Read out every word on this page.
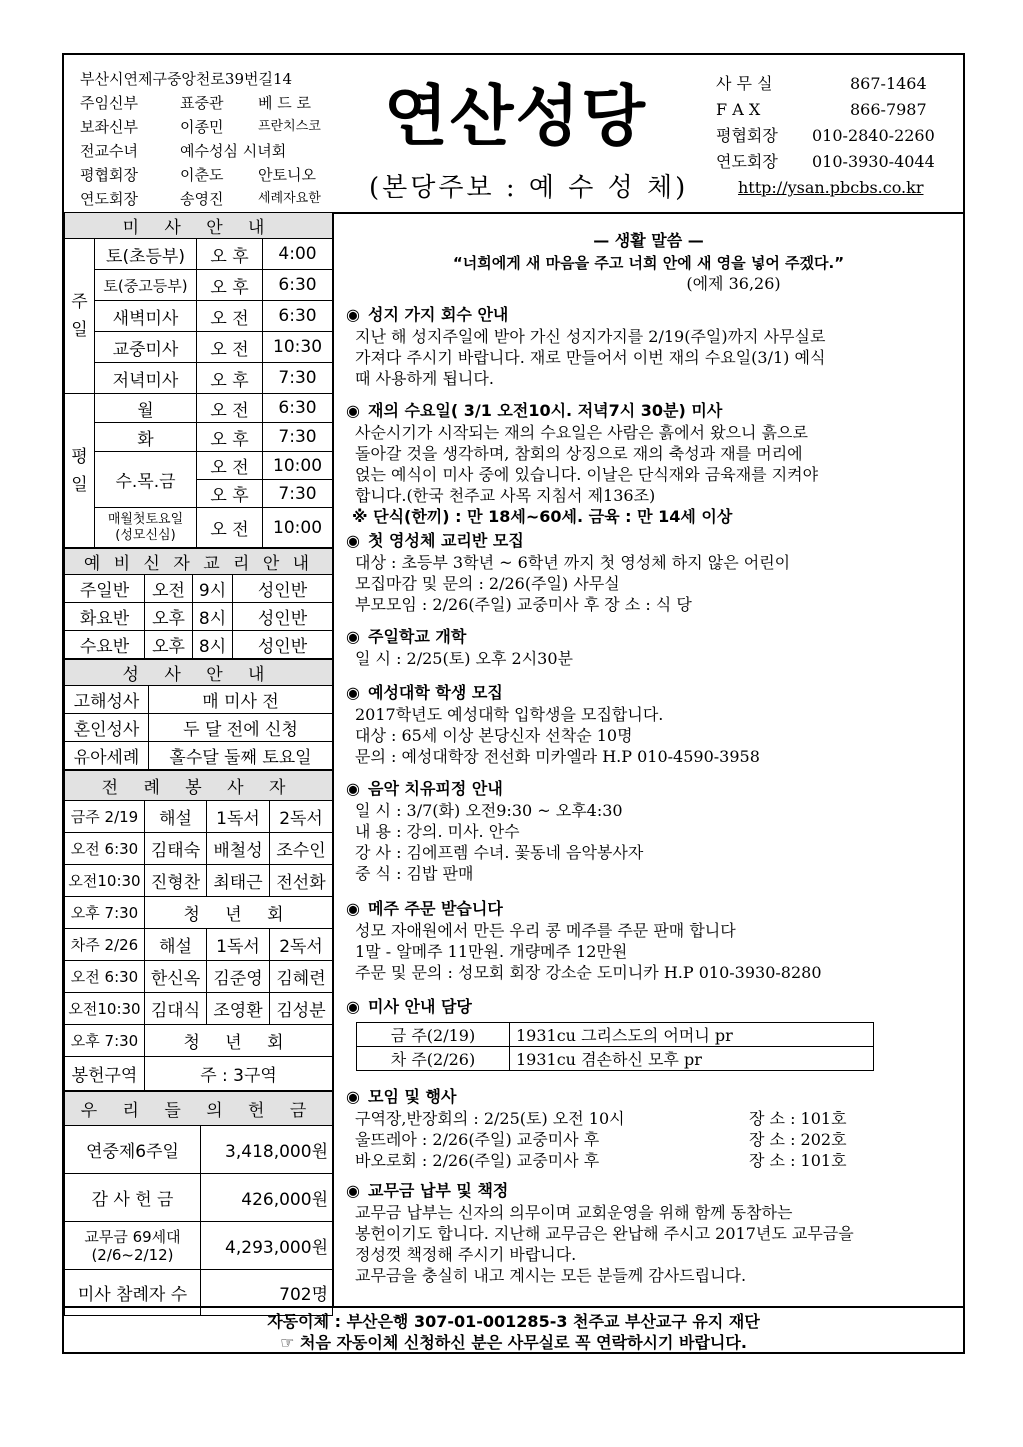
부산시연제구중앙천로39번길14
주임신부	표중관	베 드 로
보좌신부	이종민	프란치스코
전교수녀	예수성심 시녀회
평협회장	이춘도	안토니오
연도회장	송영진	세례자요한
연산성당
(본당주보 : 예 수 성 체)
사 무 실	867-1464
F A X	866-7987
평협회장	010-2840-2260
연도회장	010-3930-4044
http://ysan.pbcbs.co.kr
미 사 안 내			
주일	토(초등부)	오 후	4:00
	토(중고등부)	오 후	6:30
	새벽미사	오 전	6:30
	교중미사	오 전	10:30
	저녁미사	오 후	7:30
평일	월	오 전	6:30
	화	오 후	7:30
	수.목.금	오 전	10:00
		오 후	7:30
	매월첫토요일
(성모신심)	오 전	10:00
예 비 신 자 교 리 안 내			
주일반	오전	9시	성인반
화요반	오후	8시	성인반
수요반	오후	8시	성인반
성 사 안 내	
고해성사	매 미사 전
혼인성사	두 달 전에 신청
유아세례	홀수달 둘째 토요일
전 례 봉 사 자			
금주 2/19	해설	1독서	2독서
오전 6:30	김태숙	배철성	조수인
오전10:30	진형찬	최태근	전선화
오후 7:30	청 년 회		
차주 2/26	해설	1독서	2독서
오전 6:30	한신옥	김준영	김혜련
오전10:30	김대식	조영환	김성분
오후 7:30	청 년 회		
봉헌구역	주 : 3구역		
우 리 들 의 헌 금	
연중제6주일	3,418,000원
감 사 헌 금	426,000원
교무금 69세대
(2/6~2/12)	4,293,000원
미사 참례자 수	702명
— 생활 말씀 —
“너희에게 새 마음을 주고 너희 안에 새 영을 넣어 주겠다.”
(에제 36,26)
◉ 성지 가지 회수 안내
지난 해 성지주일에 받아 가신 성지가지를 2/19(주일)까지 사무실로
가져다 주시기 바랍니다. 재로 만들어서 이번 재의 수요일(3/1) 예식
때 사용하게 됩니다.
◉ 재의 수요일( 3/1 오전10시. 저녁7시 30분) 미사
사순시기가 시작되는 재의 수요일은 사람은 흙에서 왔으니 흙으로
돌아갈 것을 생각하며, 참회의 상징으로 재의 축성과 재를 머리에
얹는 예식이 미사 중에 있습니다. 이날은 단식재와 금육재를 지켜야
합니다.(한국 천주교 사목 지침서 제136조)
※ 단식(한끼) : 만 18세~60세. 금육 : 만 14세 이상
◉ 첫 영성체 교리반 모집
대상 : 초등부 3학년 ~ 6학년 까지 첫 영성체 하지 않은 어린이
모집마감 및 문의 : 2/26(주일) 사무실
부모모임 : 2/26(주일) 교중미사 후 장 소 : 식 당
◉ 주일학교 개학
일 시 : 2/25(토) 오후 2시30분
◉ 예성대학 학생 모집
2017학년도 예성대학 입학생을 모집합니다.
대상 : 65세 이상 본당신자 선착순 10명
문의 : 예성대학장 전선화 미카엘라 H.P 010-4590-3958
◉ 음악 치유피정 안내
일 시 : 3/7(화) 오전9:30 ~ 오후4:30
내 용 : 강의. 미사. 안수
강 사 : 김에프렘 수녀. 꽃동네 음악봉사자
중 식 : 김밥 판매
◉ 메주 주문 받습니다
성모 자애원에서 만든 우리 콩 메주를 주문 판매 합니다
1말 - 알메주 11만원. 개량메주 12만원
주문 및 문의 : 성모회 회장 강소순 도미니카 H.P 010-3930-8280
◉ 미사 안내 담당
금 주(2/19)	1931cu 그리스도의 어머니 pr
차 주(2/26)	1931cu 겸손하신 모후 pr
◉ 모임 및 행사
구역장,반장회의 : 2/25(토) 오전 10시	장 소 : 101호
울뜨레아 : 2/26(주일) 교중미사 후	장 소 : 202호
바오로회 : 2/26(주일) 교중미사 후	장 소 : 101호
◉ 교무금 납부 및 책정
교무금 납부는 신자의 의무이며 교회운영을 위해 함께 동참하는
봉헌이기도 합니다. 지난해 교무금은 완납해 주시고 2017년도 교무금을
정성껏 책정해 주시기 바랍니다.
교무금을 충실히 내고 계시는 모든 분들께 감사드립니다.
자동이체 : 부산은행 307-01-001285-3 천주교 부산교구 유지 재단
☞ 처음 자동이체 신청하신 분은 사무실로 꼭 연락하시기 바랍니다.
